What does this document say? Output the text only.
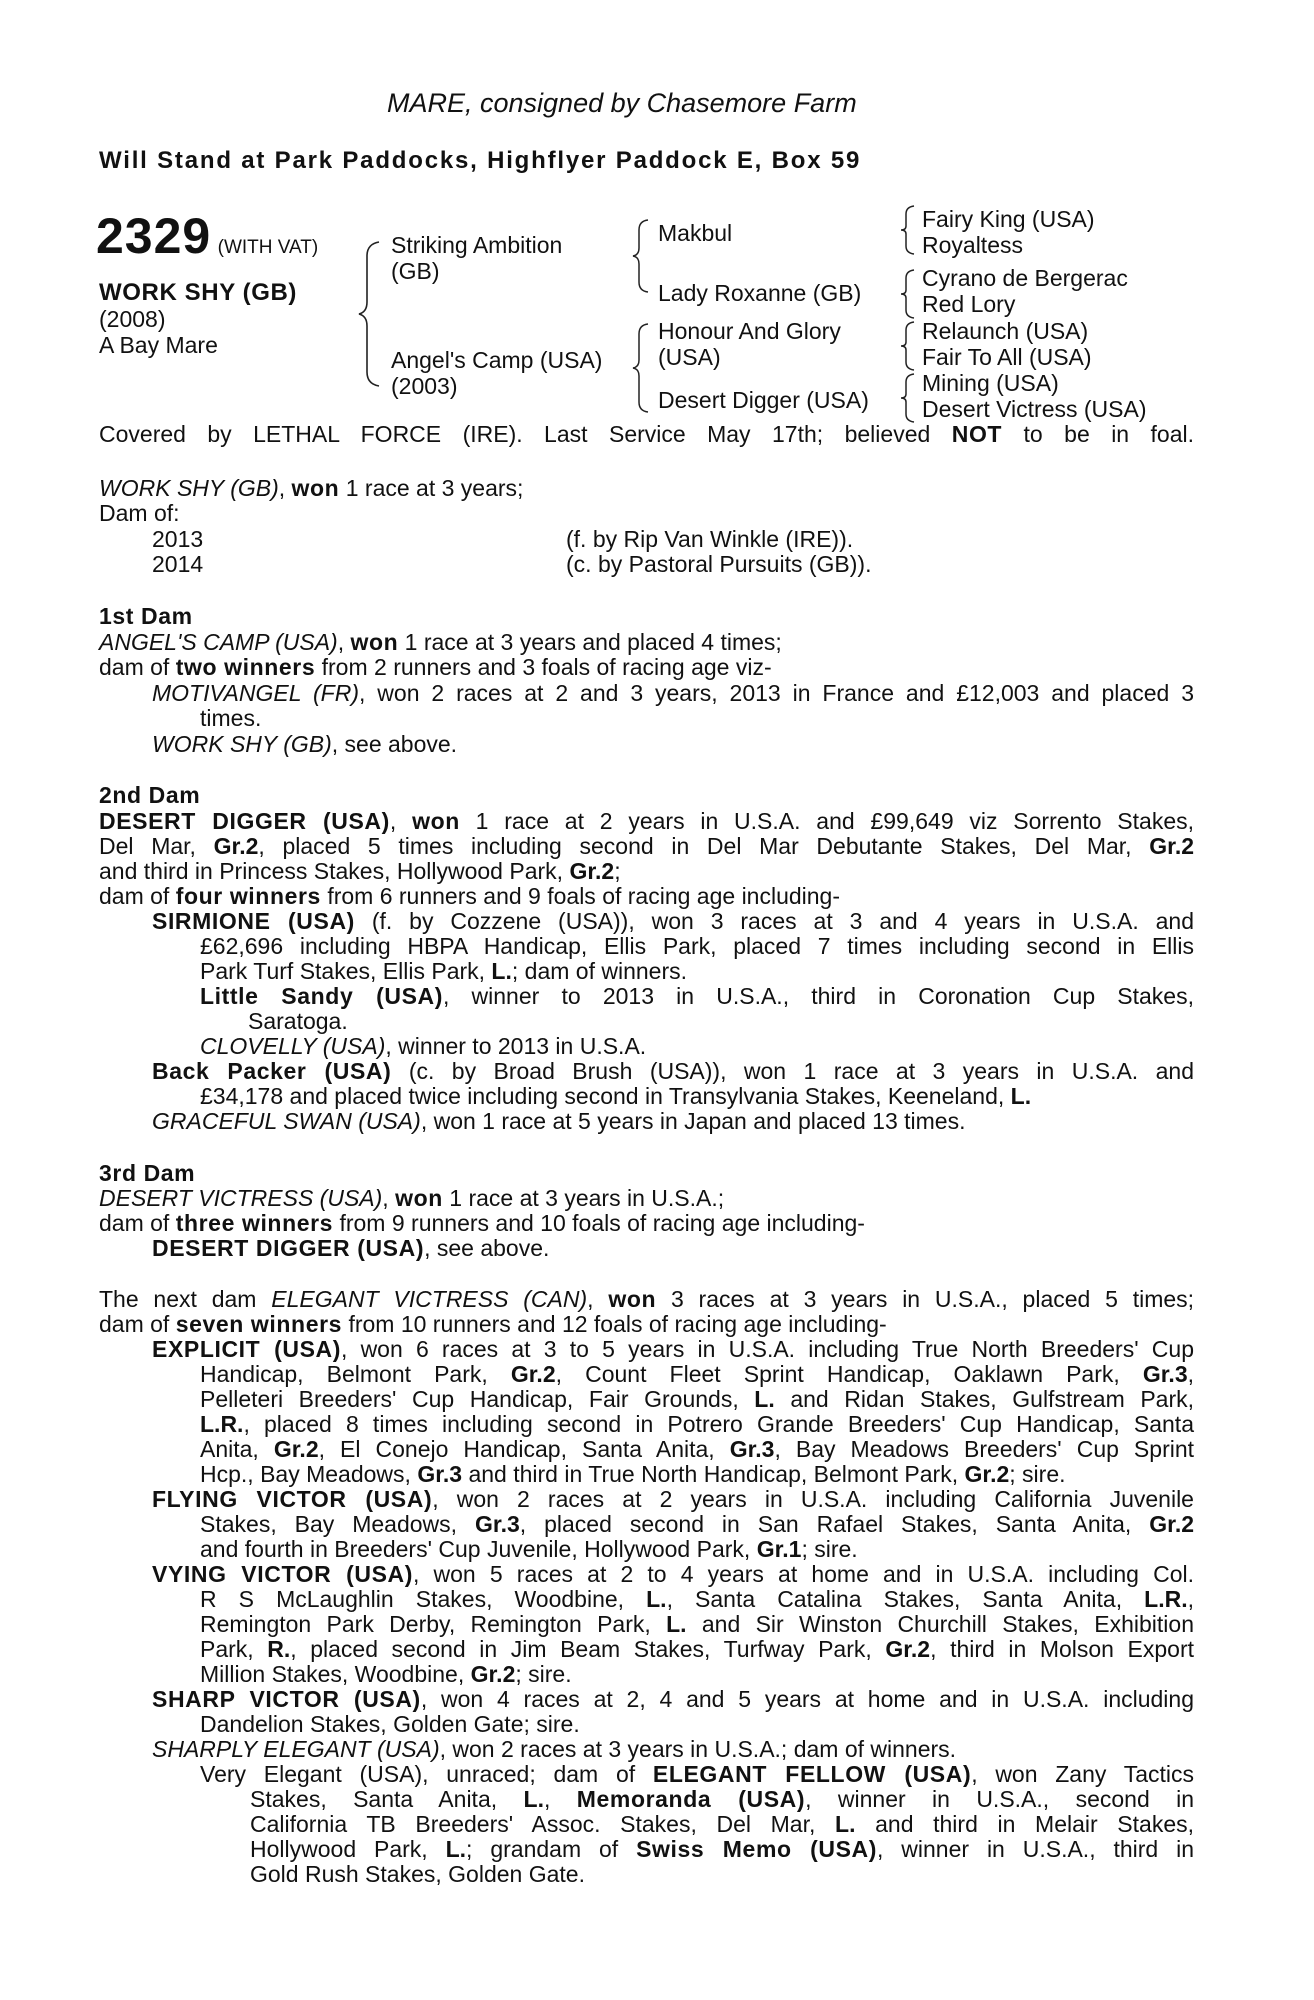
MARE, consigned by Chasemore Farm
Will Stand at Park Paddocks, Highflyer Paddock E, Box 59
2329 (WITH VAT)
WORK SHY (GB)
(2008)
A Bay Mare
Striking Ambition
(GB)
Angel's Camp (USA)
(2003)
Makbul
Lady Roxanne (GB)
Honour And Glory
(USA)
Desert Digger (USA)
Fairy King (USA)
Royaltess
Cyrano de Bergerac
Red Lory
Relaunch (USA)
Fair To All (USA)
Mining (USA)
Desert Victress (USA)
Covered by LETHAL FORCE (IRE). Last Service May 17th; believed NOT to be in foal.
WORK SHY (GB), won 1 race at 3 years;
Dam of:
2013	(f. by Rip Van Winkle (IRE)).
2014	(c. by Pastoral Pursuits (GB)).
1st Dam
ANGEL'S CAMP (USA), won 1 race at 3 years and placed 4 times;
dam of two winners from 2 runners and 3 foals of racing age viz-
MOTIVANGEL (FR), won 2 races at 2 and 3 years, 2013 in France and £12,003 and placed 3
times.
WORK SHY (GB), see above.
2nd Dam
DESERT DIGGER (USA), won 1 race at 2 years in U.S.A. and £99,649 viz Sorrento Stakes,
Del Mar, Gr.2, placed 5 times including second in Del Mar Debutante Stakes, Del Mar, Gr.2
and third in Princess Stakes, Hollywood Park, Gr.2;
dam of four winners from 6 runners and 9 foals of racing age including-
SIRMIONE (USA) (f. by Cozzene (USA)), won 3 races at 3 and 4 years in U.S.A. and
£62,696 including HBPA Handicap, Ellis Park, placed 7 times including second in Ellis
Park Turf Stakes, Ellis Park, L.; dam of winners.
Little Sandy (USA), winner to 2013 in U.S.A., third in Coronation Cup Stakes,
Saratoga.
CLOVELLY (USA), winner to 2013 in U.S.A.
Back Packer (USA) (c. by Broad Brush (USA)), won 1 race at 3 years in U.S.A. and
£34,178 and placed twice including second in Transylvania Stakes, Keeneland, L.
GRACEFUL SWAN (USA), won 1 race at 5 years in Japan and placed 13 times.
3rd Dam
DESERT VICTRESS (USA), won 1 race at 3 years in U.S.A.;
dam of three winners from 9 runners and 10 foals of racing age including-
DESERT DIGGER (USA), see above.
The next dam ELEGANT VICTRESS (CAN), won 3 races at 3 years in U.S.A., placed 5 times;
dam of seven winners from 10 runners and 12 foals of racing age including-
EXPLICIT (USA), won 6 races at 3 to 5 years in U.S.A. including True North Breeders' Cup
Handicap, Belmont Park, Gr.2, Count Fleet Sprint Handicap, Oaklawn Park, Gr.3,
Pelleteri Breeders' Cup Handicap, Fair Grounds, L. and Ridan Stakes, Gulfstream Park,
L.R., placed 8 times including second in Potrero Grande Breeders' Cup Handicap, Santa
Anita, Gr.2, El Conejo Handicap, Santa Anita, Gr.3, Bay Meadows Breeders' Cup Sprint
Hcp., Bay Meadows, Gr.3 and third in True North Handicap, Belmont Park, Gr.2; sire.
FLYING VICTOR (USA), won 2 races at 2 years in U.S.A. including California Juvenile
Stakes, Bay Meadows, Gr.3, placed second in San Rafael Stakes, Santa Anita, Gr.2
and fourth in Breeders' Cup Juvenile, Hollywood Park, Gr.1; sire.
VYING VICTOR (USA), won 5 races at 2 to 4 years at home and in U.S.A. including Col.
R S McLaughlin Stakes, Woodbine, L., Santa Catalina Stakes, Santa Anita, L.R.,
Remington Park Derby, Remington Park, L. and Sir Winston Churchill Stakes, Exhibition
Park, R., placed second in Jim Beam Stakes, Turfway Park, Gr.2, third in Molson Export
Million Stakes, Woodbine, Gr.2; sire.
SHARP VICTOR (USA), won 4 races at 2, 4 and 5 years at home and in U.S.A. including
Dandelion Stakes, Golden Gate; sire.
SHARPLY ELEGANT (USA), won 2 races at 3 years in U.S.A.; dam of winners.
Very Elegant (USA), unraced; dam of ELEGANT FELLOW (USA), won Zany Tactics
Stakes, Santa Anita, L., Memoranda (USA), winner in U.S.A., second in
California TB Breeders' Assoc. Stakes, Del Mar, L. and third in Melair Stakes,
Hollywood Park, L.; grandam of Swiss Memo (USA), winner in U.S.A., third in
Gold Rush Stakes, Golden Gate.
